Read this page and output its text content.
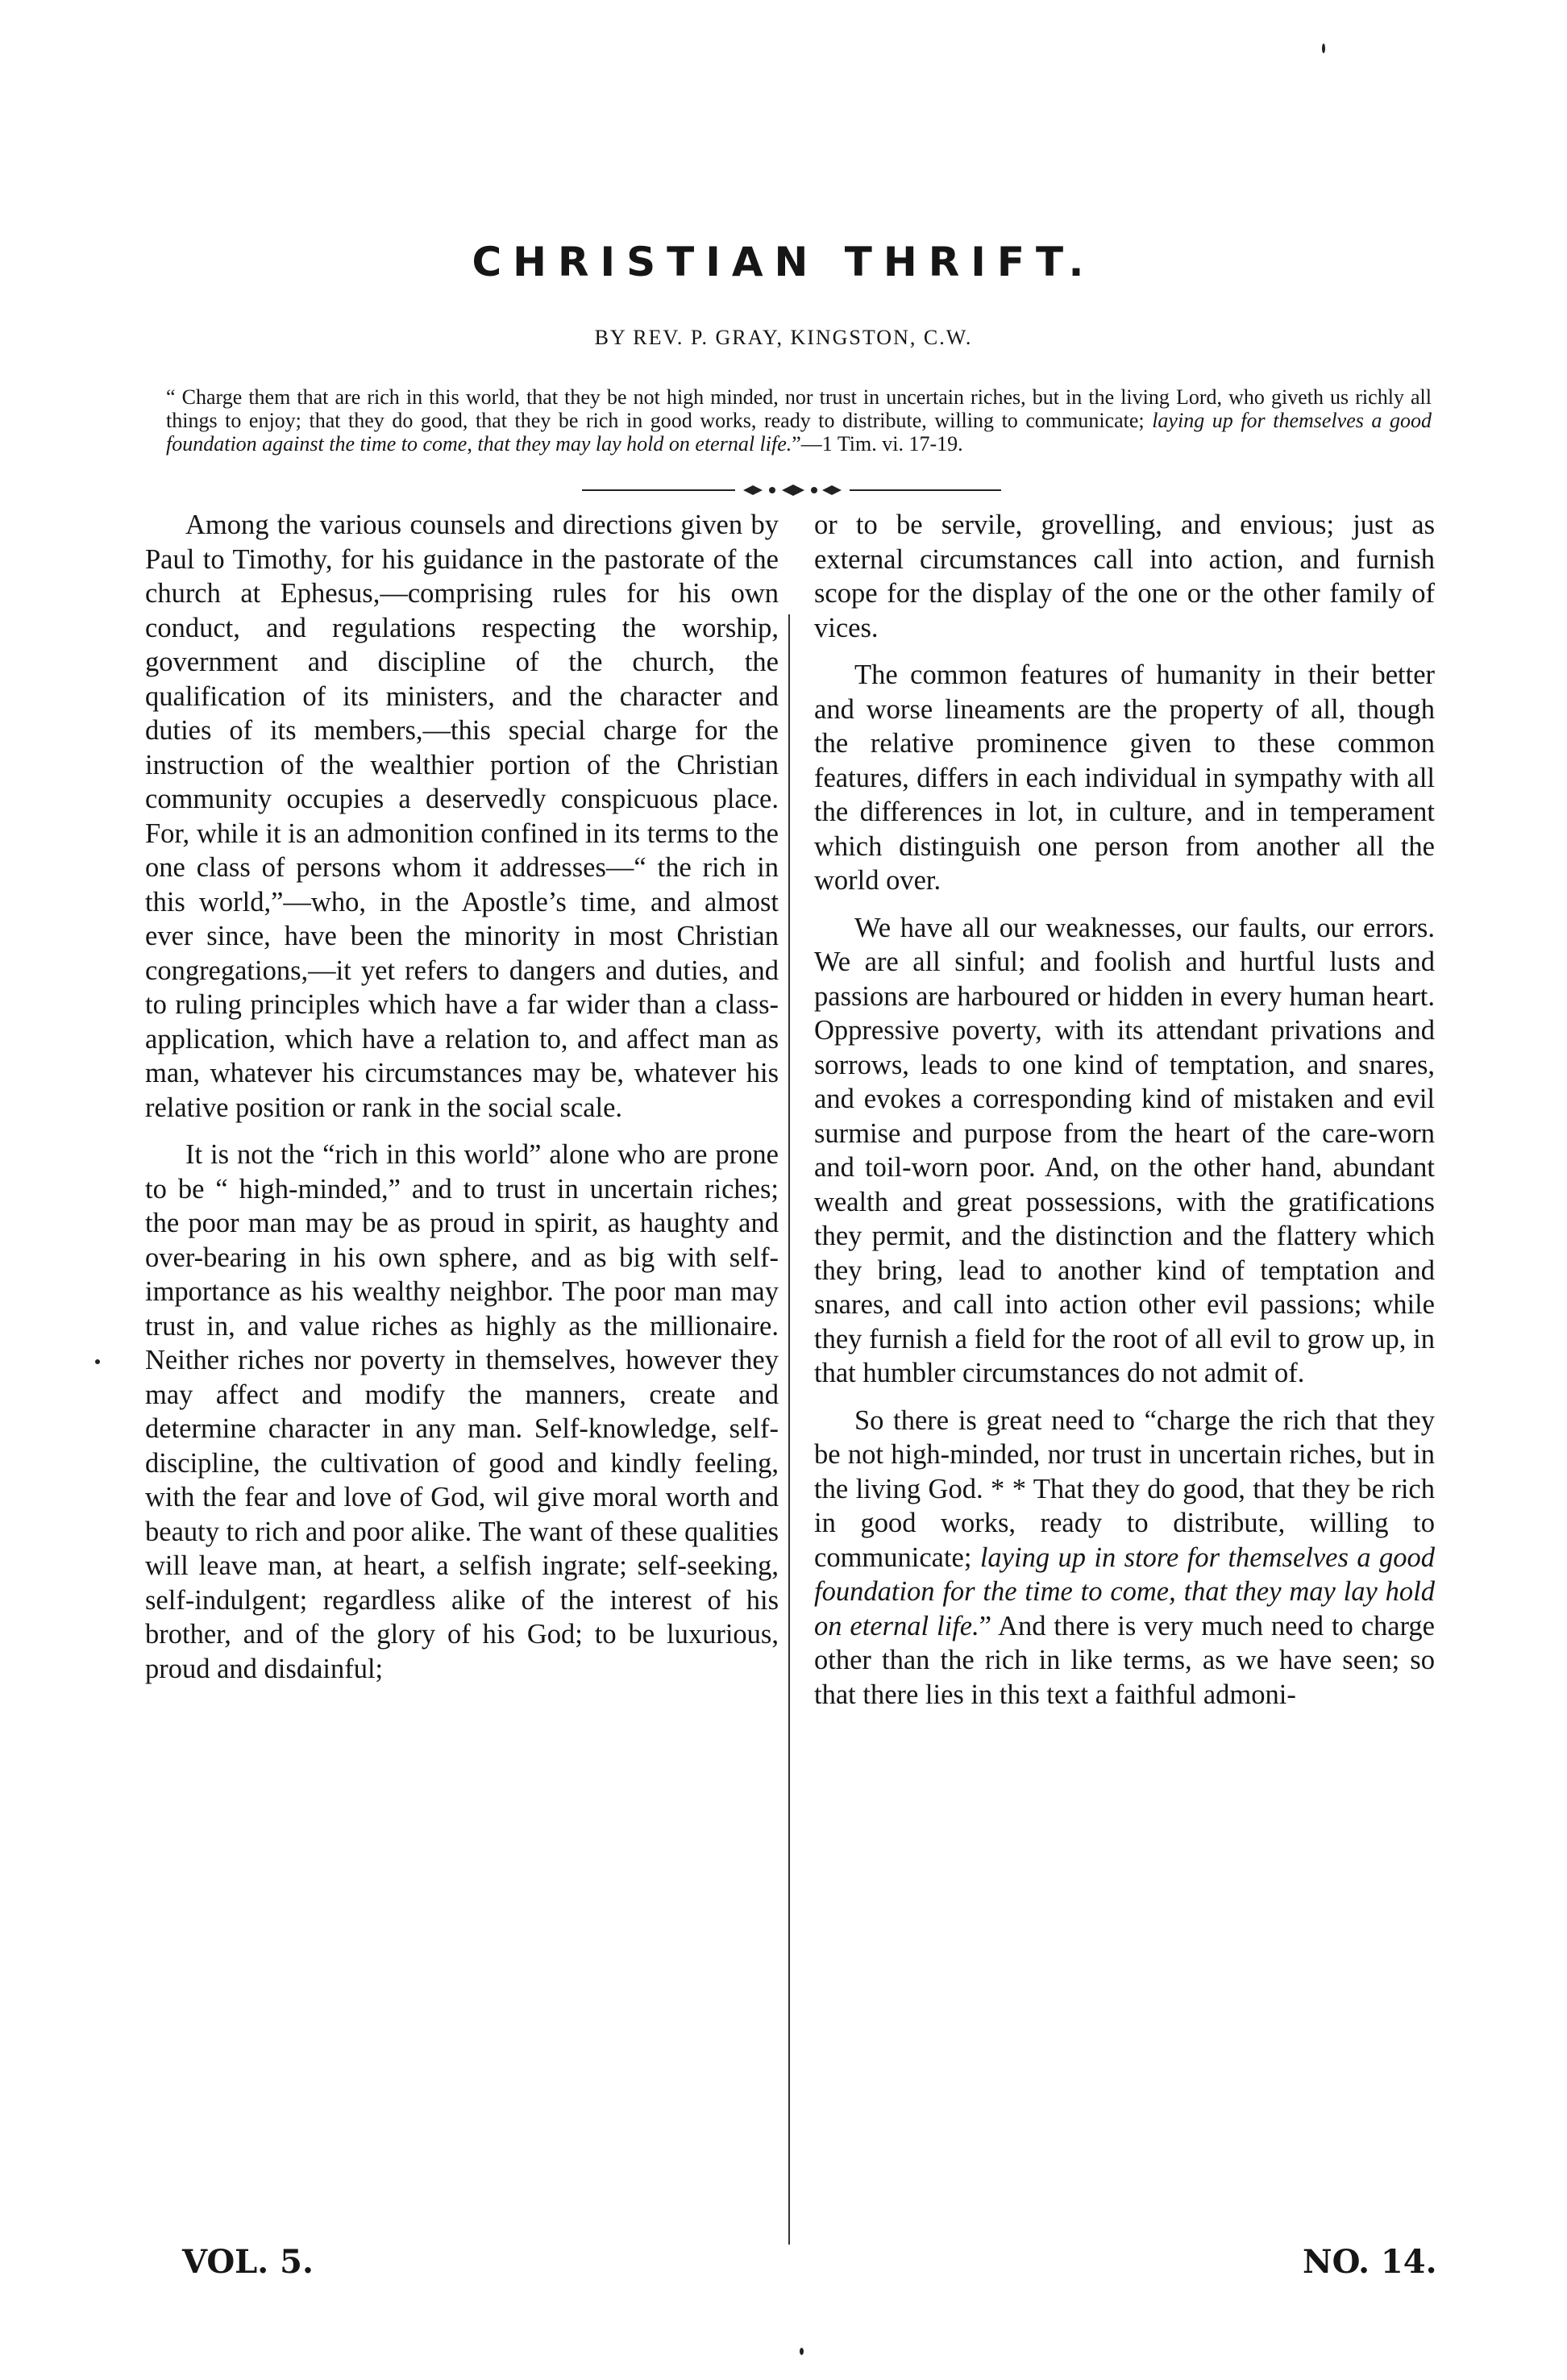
CHRISTIAN THRIFT.

BY REV. P. GRAY, KINGSTON, C.W.

“ Charge them that are rich in this world, that they be not high minded, nor trust in uncertain riches, but in the living Lord, who giveth us richly all things to enjoy; that they do good, that they be rich in good works, ready to distribute, willing to communicate; laying up for themselves a good foundation against the time to come, that they may lay hold on eternal life.”—1 Tim. vi. 17-19.

Among the various counsels and directions given by Paul to Timothy, for his guidance in the pastorate of the church at Ephesus,—comprising rules for his own conduct, and regulations respecting the worship, government and discipline of the church, the qualification of its ministers, and the character and duties of its members,—this special charge for the instruction of the wealthier portion of the Christian community occupies a deservedly conspicuous place. For, while it is an admonition confined in its terms to the one class of persons whom it addresses—“ the rich in this world,”—who, in the Apostle’s time, and almost ever since, have been the minority in most Christian congregations,—it yet refers to dangers and duties, and to ruling principles which have a far wider than a class-application, which have a relation to, and affect man as man, whatever his circumstances may be, whatever his relative position or rank in the social scale.

It is not the “rich in this world” alone who are prone to be “ high-minded,” and to trust in uncertain riches; the poor man may be as proud in spirit, as haughty and over-bearing in his own sphere, and as big with self-importance as his wealthy neighbor. The poor man may trust in, and value riches as highly as the millionaire. Neither riches nor poverty in themselves, however they may affect and modify the manners, create and determine character in any man. Self-knowledge, self-discipline, the cultivation of good and kindly feeling, with the fear and love of God, wil give moral worth and beauty to rich and poor alike. The want of these qualities will leave man, at heart, a selfish ingrate; self-seeking, self-indulgent; regardless alike of the interest of his brother, and of the glory of his God; to be luxurious, proud and disdainful;

or to be servile, grovelling, and envious; just as external circumstances call into action, and furnish scope for the display of the one or the other family of vices.

The common features of humanity in their better and worse lineaments are the property of all, though the relative prominence given to these common features, differs in each individual in sympathy with all the differences in lot, in culture, and in temperament which distinguish one person from another all the world over.

We have all our weaknesses, our faults, our errors. We are all sinful; and foolish and hurtful lusts and passions are harboured or hidden in every human heart. Oppressive poverty, with its attendant privations and sorrows, leads to one kind of temptation, and snares, and evokes a corresponding kind of mistaken and evil surmise and purpose from the heart of the care-worn and toil-worn poor. And, on the other hand, abundant wealth and great possessions, with the gratifications they permit, and the distinction and the flattery which they bring, lead to another kind of temptation and snares, and call into action other evil passions; while they furnish a field for the root of all evil to grow up, in that humbler circumstances do not admit of.

So there is great need to “charge the rich that they be not high-minded, nor trust in uncertain riches, but in the living God. * * That they do good, that they be rich in good works, ready to distribute, willing to communicate; laying up in store for themselves a good foundation for the time to come, that they may lay hold on eternal life.” And there is very much need to charge other than the rich in like terms, as we have seen; so that there lies in this text a faithful admoni-

VOL. 5.	NO. 14.
